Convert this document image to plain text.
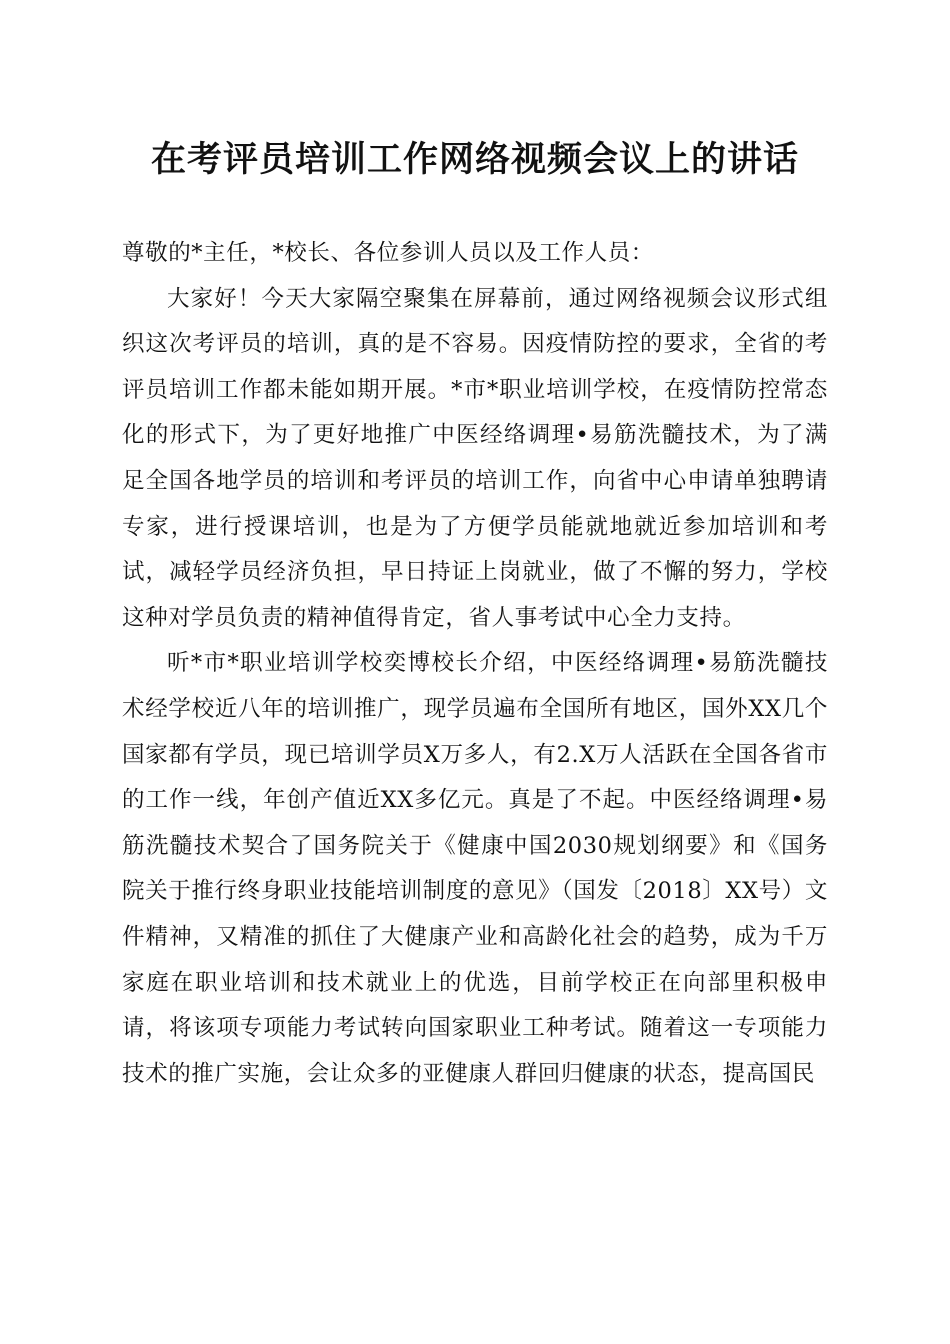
在考评员培训工作网络视频会议上的讲话

尊敬的*主任，*校长、各位参训人员以及工作人员：

大家好！今天大家隔空聚集在屏幕前，通过网络视频会议形式组织这次考评员的培训，真的是不容易。因疫情防控的要求，全省的考评员培训工作都未能如期开展。*市*职业培训学校，在疫情防控常态化的形式下，为了更好地推广中医经络调理•易筋洗髓技术，为了满足全国各地学员的培训和考评员的培训工作，向省中心申请单独聘请专家，进行授课培训，也是为了方便学员能就地就近参加培训和考试，减轻学员经济负担，早日持证上岗就业，做了不懈的努力，学校这种对学员负责的精神值得肯定，省人事考试中心全力支持。

听*市*职业培训学校奕博校长介绍，中医经络调理•易筋洗髓技术经学校近八年的培训推广，现学员遍布全国所有地区，国外XX几个国家都有学员，现已培训学员X万多人，有2.X万人活跃在全国各省市的工作一线，年创产值近XX多亿元。真是了不起。中医经络调理•易筋洗髓技术契合了国务院关于《健康中国2030规划纲要》和《国务院关于推行终身职业技能培训制度的意见》（国发〔2018〕XX号）文件精神，又精准的抓住了大健康产业和高龄化社会的趋势，成为千万家庭在职业培训和技术就业上的优选，目前学校正在向部里积极申请，将该项专项能力考试转向国家职业工种考试。随着这一专项能力技术的推广实施，会让众多的亚健康人群回归健康的状态，提高国民
